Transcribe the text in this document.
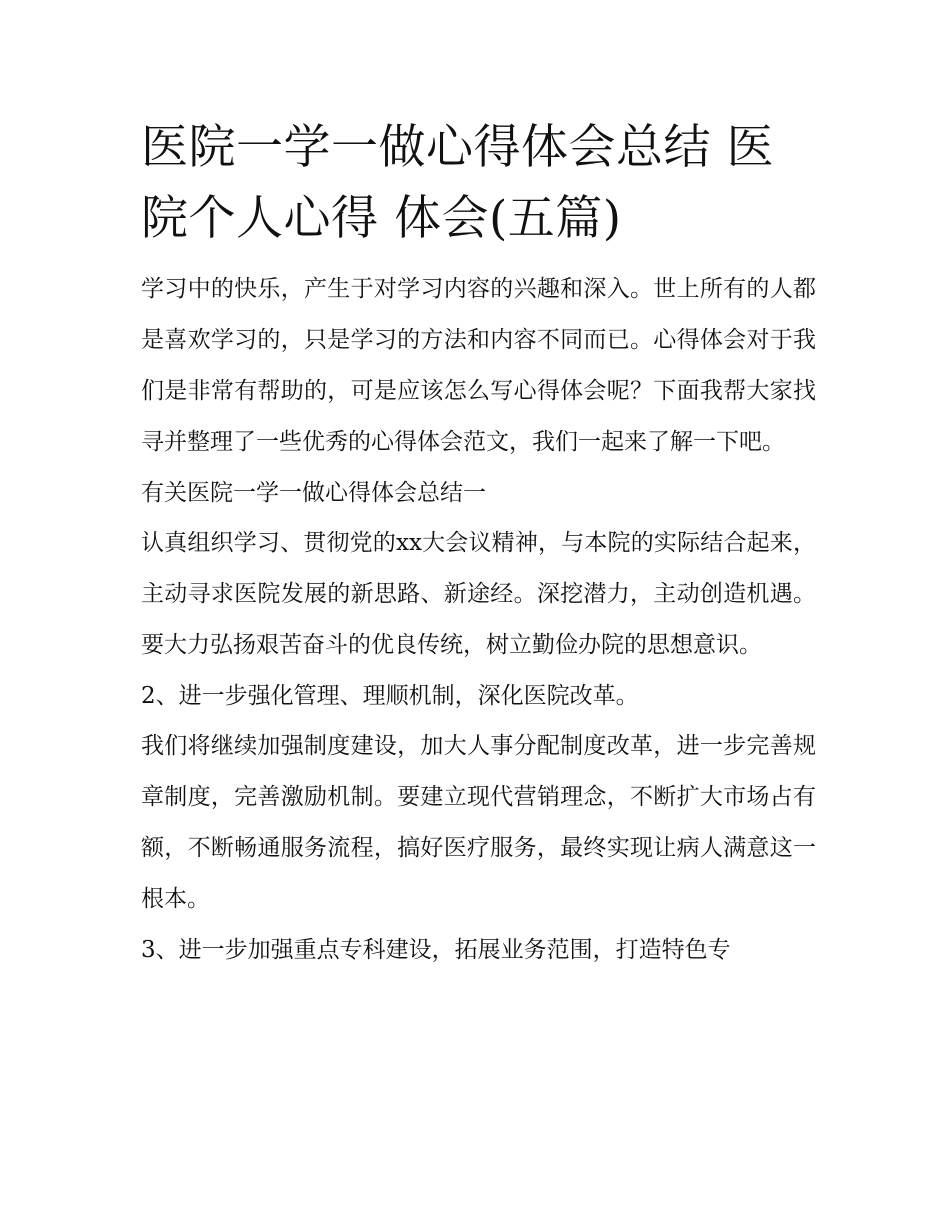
医院一学一做心得体会总结 医院个人心得 体会(五篇)

学习中的快乐，产生于对学习内容的兴趣和深入。世上所有的人都是喜欢学习的，只是学习的方法和内容不同而已。心得体会对于我们是非常有帮助的，可是应该怎么写心得体会呢？下面我帮大家找寻并整理了一些优秀的心得体会范文，我们一起来了解一下吧。

有关医院一学一做心得体会总结一

认真组织学习、贯彻党的xx大会议精神，与本院的实际结合起来，主动寻求医院发展的新思路、新途经。深挖潜力，主动创造机遇。要大力弘扬艰苦奋斗的优良传统，树立勤俭办院的思想意识。

2、进一步强化管理、理顺机制，深化医院改革。

我们将继续加强制度建设，加大人事分配制度改革，进一步完善规章制度，完善激励机制。要建立现代营销理念，不断扩大市场占有额，不断畅通服务流程，搞好医疗服务，最终实现让病人满意这一根本。

3、进一步加强重点专科建设，拓展业务范围，打造特色专
